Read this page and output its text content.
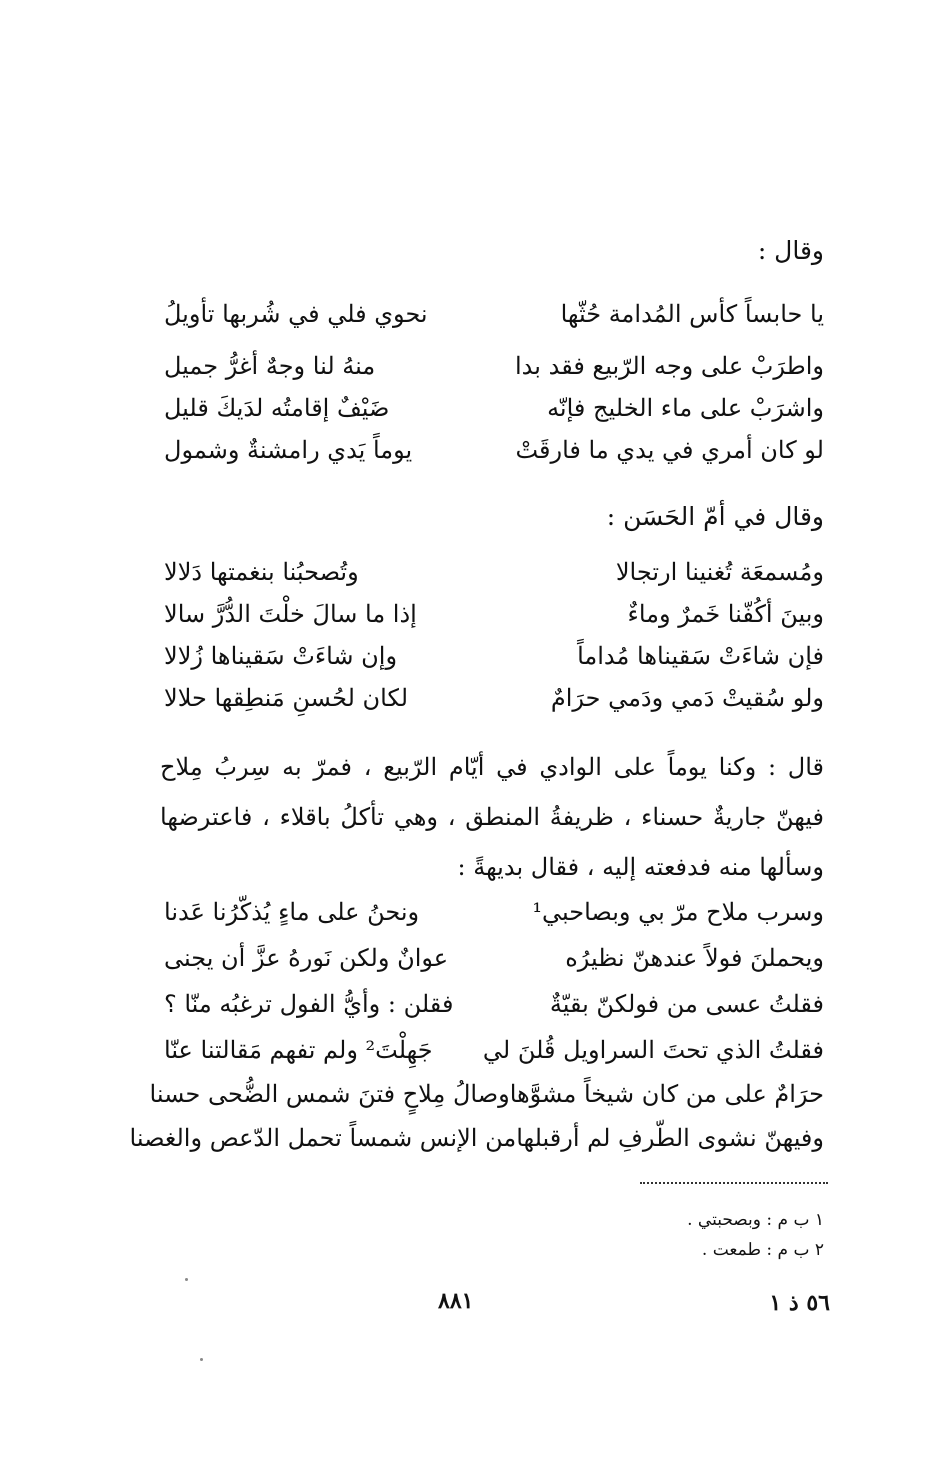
وقال :
يا حابساً كأس المُدامة حُثّها
نحوي فلي في شُربها تأويلُ
واطرَبْ على وجه الرّبيع فقد بدا
منهُ لنا وجهٌ أغرُّ جميل
واشرَبْ على ماء الخليج فإنّه
ضَيْفٌ إقامتُه لدَيكَ قليل
لو كان أمري في يدي ما فارقَتْ
يوماً يَدي رامشنةٌ وشمول
وقال في أمّ الحَسَن :
ومُسمعَة تُغنينا ارتجالا
وتُصحبُنا بنغمتها دَلالا
وبينَ أكُفّنا خَمرٌ وماءٌ
إذا ما سالَ خلْتَ الدُّرَّ سالا
فإن شاءَتْ سَقيناها مُداماً
وإن شاءَتْ سَقيناها زُلالا
ولو سُقيتْ دَمي ودَمي حرَامٌ
لكان لحُسنِ مَنطِقها حلالا

قال : وكنا يوماً على الوادي في أيّام الرّبيع ، فمرّ به سِربُ مِلاح فيهنّ جاريةٌ حسناء ، ظريفةُ المنطق ، وهي تأكلُ باقلاء ، فاعترضها وسألها منه فدفعته إليه ، فقال بديهةً :

وسرب ملاح مرّ بي وبصاحبي¹
ونحنُ على ماءٍ يُذكّرُنا عَدنا
ويحملنَ فولاً عندهنّ نظيرُه
عوانٌ ولكن نَورهُ عزَّ أن يجنى
فقلتُ عسى من فولكنّ بقيّةٌ
فقلن : وأيُّ الفول ترغبُه منّا ؟
فقلتُ الذي تحتَ السراويل قُلنَ لي
جَهِلْتَ² ولم تفهم مَقالتنا عنّا
حرَامٌ على من كان شيخاً مشوَّها
وصالُ مِلاحٍ فتنَ شمس الضُّحى حسنا
وفيهنّ نشوى الطّرفِ لم أرقبلها
من الإنس شمساً تحمل الدّعص والغصنا
١ ب م : وبصحبتي .
٢ ب م : طمعت .
٨٨١	٥٦ ذ ١
